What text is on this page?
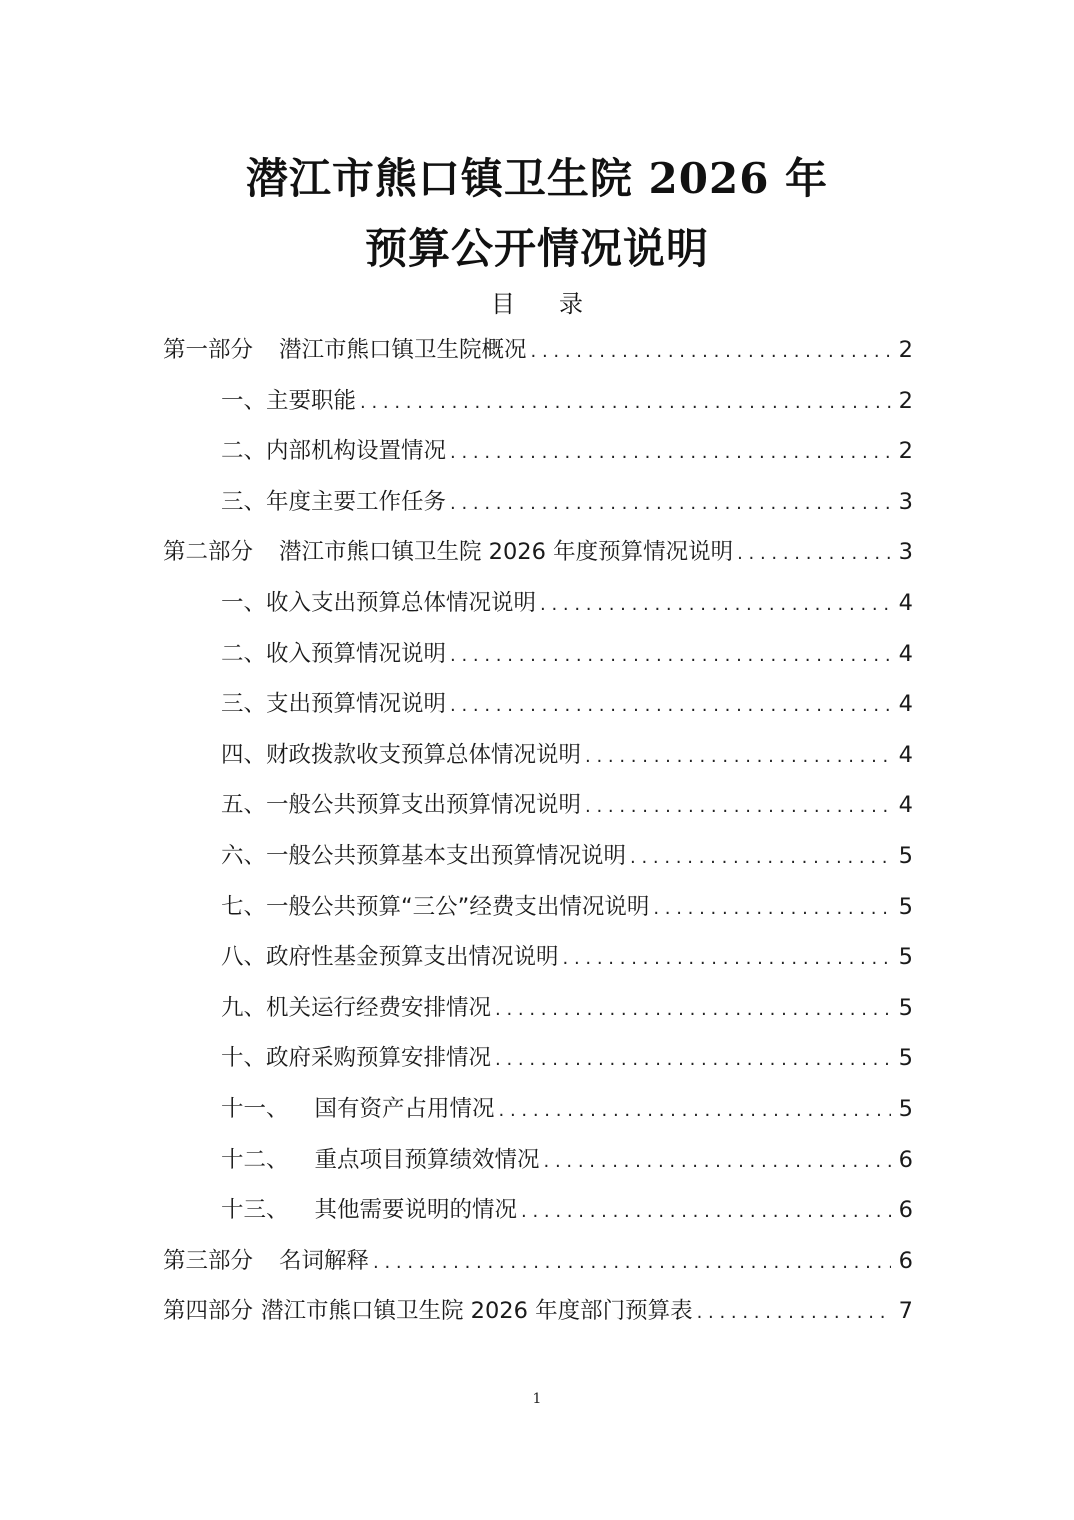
潜江市熊口镇卫生院 2026 年
预算公开情况说明
目录
第一部分 潜江市熊口镇卫生院概况 . . .	2
一、主要职能 . . .	2
二、内部机构设置情况 . . .	2
三、年度主要工作任务 . . .	3
第二部分 潜江市熊口镇卫生院 2026 年度预算情况说明 . . .	3
一、收入支出预算总体情况说明 . . .	4
二、收入预算情况说明 . . .	4
三、支出预算情况说明 . . .	4
四、财政拨款收支预算总体情况说明 . . .	4
五、一般公共预算支出预算情况说明 . . .	4
六、一般公共预算基本支出预算情况说明 . . .	5
七、一般公共预算“三公”经费支出情况说明 . . .	5
八、政府性基金预算支出情况说明 . . .	5
九、机关运行经费安排情况 . . .	5
十、政府采购预算安排情况 . . .	5
十一、 国有资产占用情况 . . .	5
十二、 重点项目预算绩效情况 . . .	6
十三、 其他需要说明的情况 . . .	6
第三部分 名词解释 . . .	6
第四部分 潜江市熊口镇卫生院 2026 年度部门预算表 . . .	7
1
